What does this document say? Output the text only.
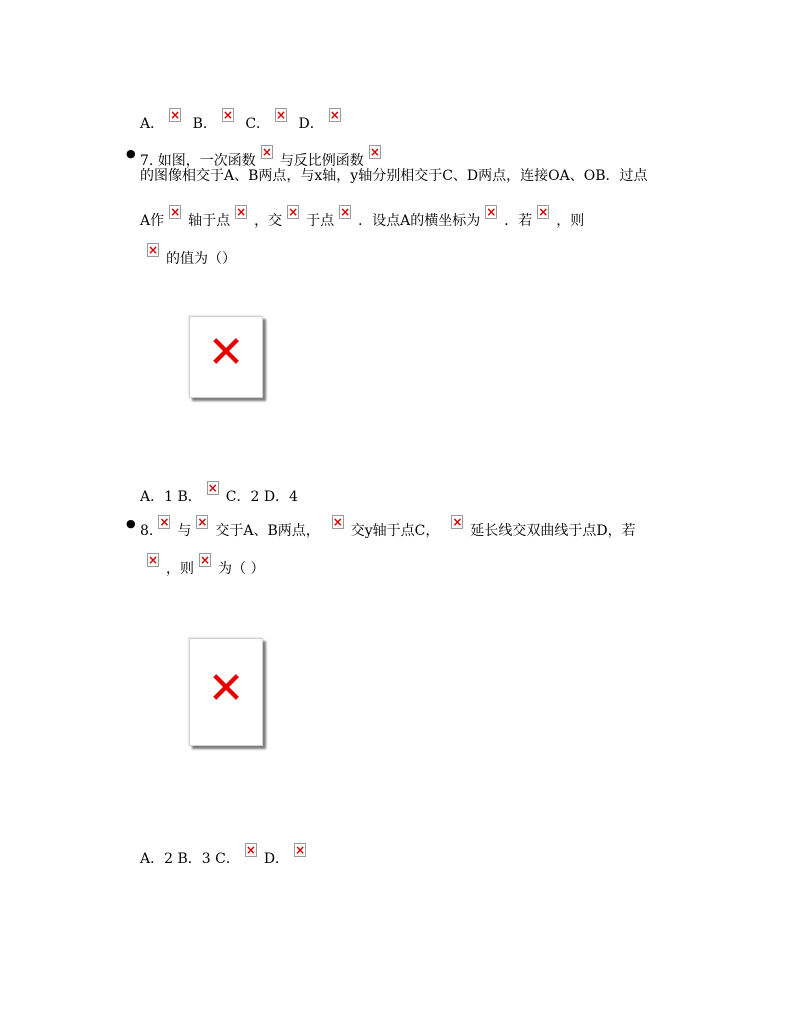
A．× B．× C．× D．×
● 7. 如图，一次函数× 与反比例函数×
的图像相交于A、B两点，与x轴，y轴分别相交于C、D两点，连接OA、OB．过点
A作× 轴于点× ，交× 于点× ．设点A的横坐标为× ．若× ，则
×的值为（）
✕
A．1 B．× C．2 D．4
● 8.× 与× 交于A、B两点，× 交y轴于点C，× 延长线交双曲线于点D，若
×，则× 为（ ）
✕
A．2 B．3 C．× D．×
